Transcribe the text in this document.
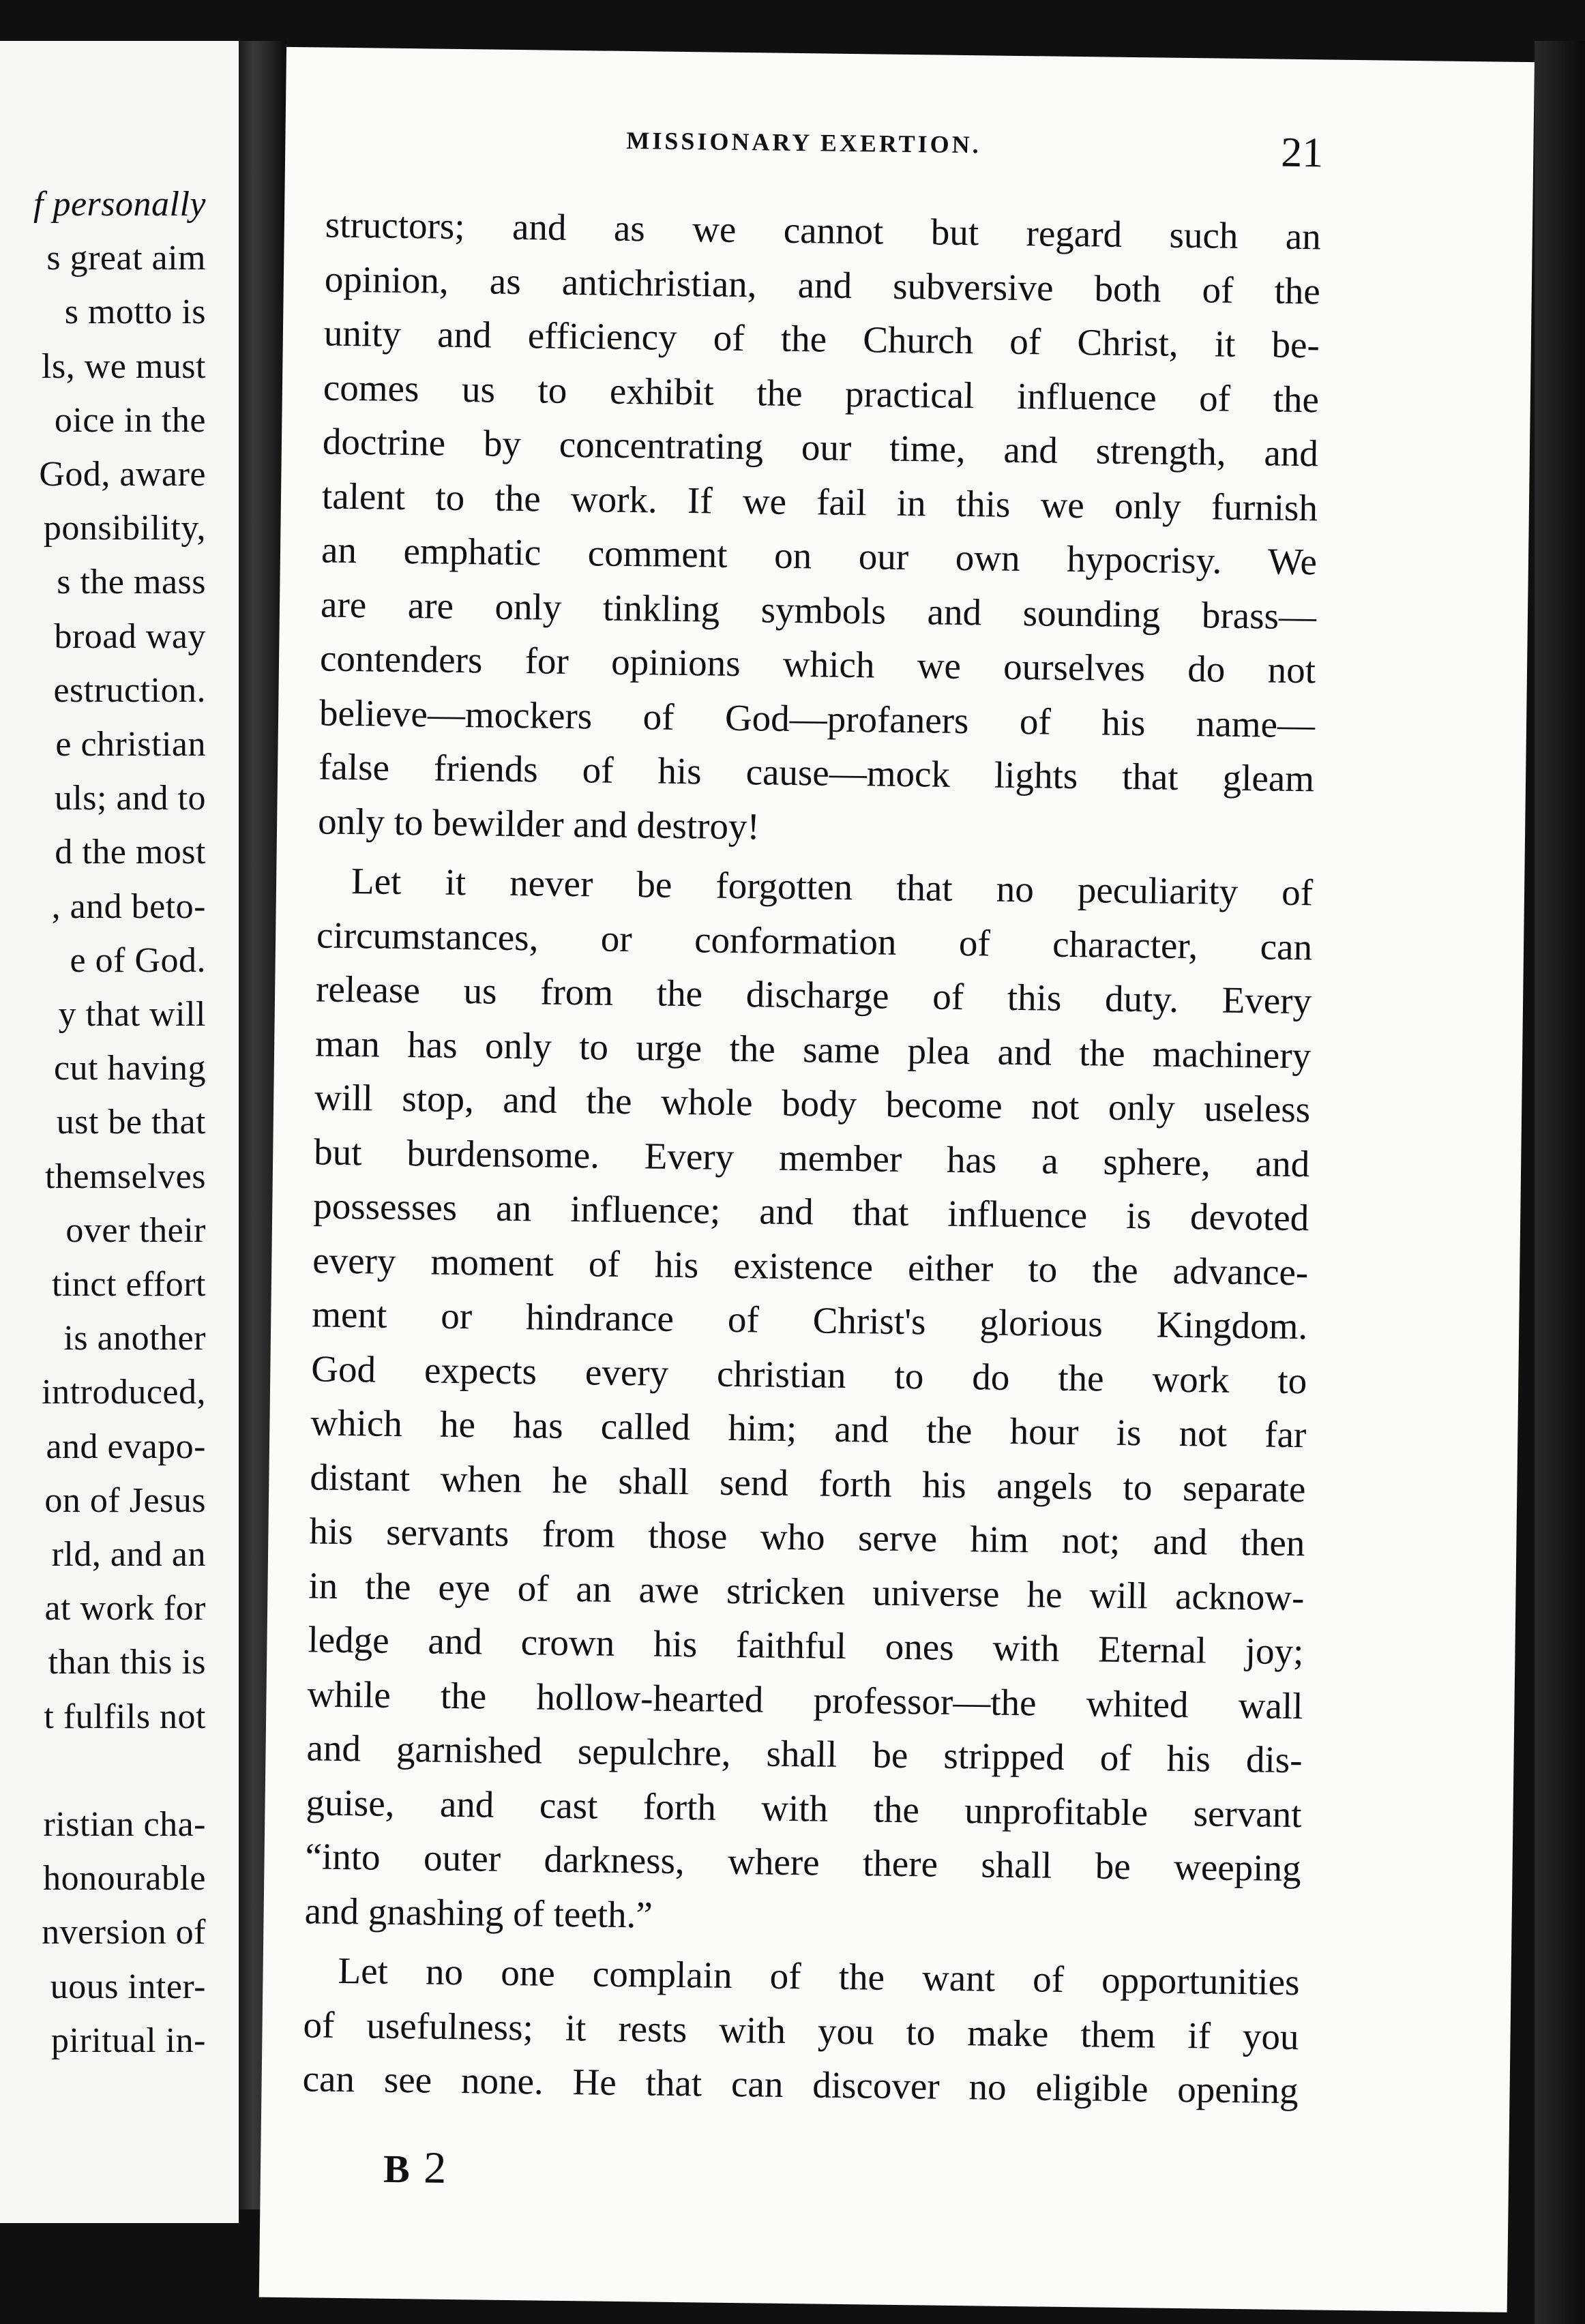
f personally
s great aim
s motto is
ls, we must
oice in the
God, aware
ponsibility,
s the mass
broad way
estruction.
e christian
uls; and to
d the most
, and beto-
e of God.
y that will
cut having
ust be that
themselves
over their
tinct effort
is another
introduced,
and evapo-
on of Jesus
rld, and an
at work for
than this is
t fulfils not
ristian cha-
honourable
nversion of
uous inter-
piritual in-
MISSIONARY EXERTION.	21
structors; and as we cannot but regard such an
opinion, as antichristian, and subversive both of the
unity and efficiency of the Church of Christ, it be-
comes us to exhibit the practical influence of the
doctrine by concentrating our time, and strength, and
talent to the work. If we fail in this we only furnish
an emphatic comment on our own hypocrisy. We
are are only tinkling symbols and sounding brass—
contenders for opinions which we ourselves do not
believe—mockers of God—profaners of his name—
false friends of his cause—mock lights that gleam
only to bewilder and destroy!
Let it never be forgotten that no peculiarity of
circumstances, or conformation of character, can
release us from the discharge of this duty. Every
man has only to urge the same plea and the machinery
will stop, and the whole body become not only useless
but burdensome. Every member has a sphere, and
possesses an influence; and that influence is devoted
every moment of his existence either to the advance-
ment or hindrance of Christ's glorious Kingdom.
God expects every christian to do the work to
which he has called him; and the hour is not far
distant when he shall send forth his angels to separate
his servants from those who serve him not; and then
in the eye of an awe stricken universe he will acknow-
ledge and crown his faithful ones with Eternal joy;
while the hollow-hearted professor—the whited wall
and garnished sepulchre, shall be stripped of his dis-
guise, and cast forth with the unprofitable servant
“into outer darkness, where there shall be weeping
and gnashing of teeth.”
Let no one complain of the want of opportunities
of usefulness; it rests with you to make them if you
can see none. He that can discover no eligible opening
B 2
